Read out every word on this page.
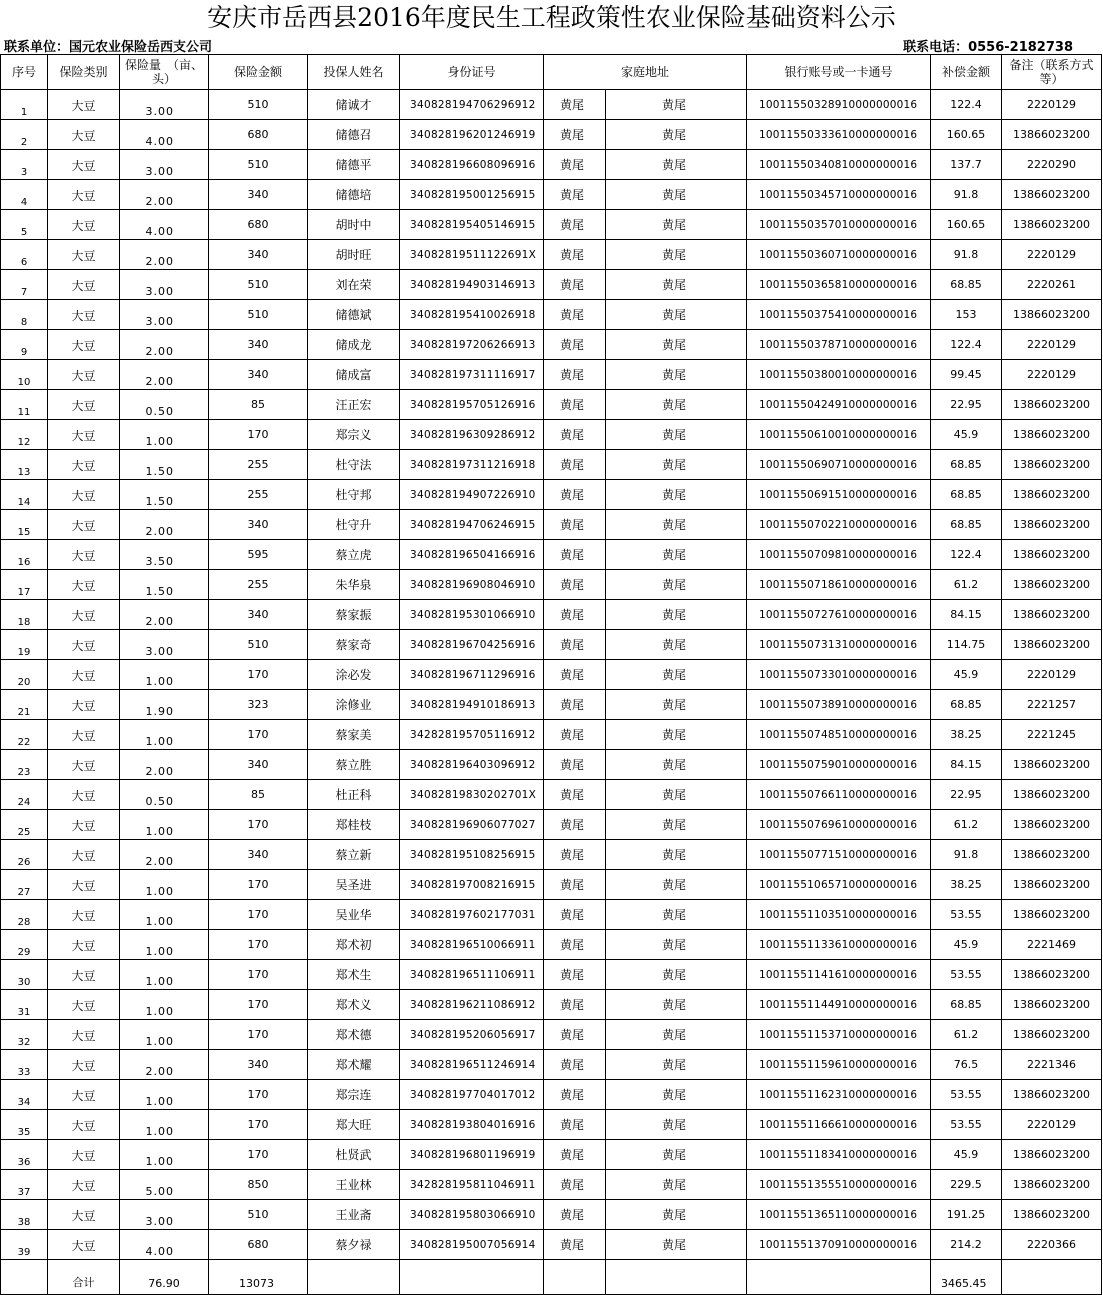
安庆市岳西县2016年度民生工程政策性农业保险基础资料公示
联系单位：国元农业保险岳西支公司	联系电话：0556-2182738
序号	保险类别	保险量　（亩、头）	保险金额	投保人姓名	身份证号	家庭地址		银行账号或一卡通号	补偿金额	备注（联系方式等）
1	大豆	3.00	510	储诚才	340828194706296912	黄尾	黄尾	10011550328910000000016	122.4	2220129
2	大豆	4.00	680	储德召	340828196201246919	黄尾	黄尾	10011550333610000000016	160.65	13866023200
3	大豆	3.00	510	储德平	340828196608096916	黄尾	黄尾	10011550340810000000016	137.7	2220290
4	大豆	2.00	340	储德培	340828195001256915	黄尾	黄尾	10011550345710000000016	91.8	13866023200
5	大豆	4.00	680	胡时中	340828195405146915	黄尾	黄尾	10011550357010000000016	160.65	13866023200
6	大豆	2.00	340	胡时旺	34082819511122691X	黄尾	黄尾	10011550360710000000016	91.8	2220129
7	大豆	3.00	510	刘在荣	340828194903146913	黄尾	黄尾	10011550365810000000016	68.85	2220261
8	大豆	3.00	510	储德斌	340828195410026918	黄尾	黄尾	10011550375410000000016	153	13866023200
9	大豆	2.00	340	储成龙	340828197206266913	黄尾	黄尾	10011550378710000000016	122.4	2220129
10	大豆	2.00	340	储成富	340828197311116917	黄尾	黄尾	10011550380010000000016	99.45	2220129
11	大豆	0.50	85	汪正宏	340828195705126916	黄尾	黄尾	10011550424910000000016	22.95	13866023200
12	大豆	1.00	170	郑宗义	340828196309286912	黄尾	黄尾	10011550610010000000016	45.9	13866023200
13	大豆	1.50	255	杜守法	340828197311216918	黄尾	黄尾	10011550690710000000016	68.85	13866023200
14	大豆	1.50	255	杜守邦	340828194907226910	黄尾	黄尾	10011550691510000000016	68.85	13866023200
15	大豆	2.00	340	杜守升	340828194706246915	黄尾	黄尾	10011550702210000000016	68.85	13866023200
16	大豆	3.50	595	蔡立虎	340828196504166916	黄尾	黄尾	10011550709810000000016	122.4	13866023200
17	大豆	1.50	255	朱华泉	340828196908046910	黄尾	黄尾	10011550718610000000016	61.2	13866023200
18	大豆	2.00	340	蔡家振	340828195301066910	黄尾	黄尾	10011550727610000000016	84.15	13866023200
19	大豆	3.00	510	蔡家奇	340828196704256916	黄尾	黄尾	10011550731310000000016	114.75	13866023200
20	大豆	1.00	170	涂必发	340828196711296916	黄尾	黄尾	10011550733010000000016	45.9	2220129
21	大豆	1.90	323	涂修业	340828194910186913	黄尾	黄尾	10011550738910000000016	68.85	2221257
22	大豆	1.00	170	蔡家美	342828195705116912	黄尾	黄尾	10011550748510000000016	38.25	2221245
23	大豆	2.00	340	蔡立胜	340828196403096912	黄尾	黄尾	10011550759010000000016	84.15	13866023200
24	大豆	0.50	85	杜正科	34082819830202701X	黄尾	黄尾	10011550766110000000016	22.95	13866023200
25	大豆	1.00	170	郑桂枝	340828196906077027	黄尾	黄尾	10011550769610000000016	61.2	13866023200
26	大豆	2.00	340	蔡立新	340828195108256915	黄尾	黄尾	10011550771510000000016	91.8	13866023200
27	大豆	1.00	170	吴圣进	340828197008216915	黄尾	黄尾	10011551065710000000016	38.25	13866023200
28	大豆	1.00	170	吴业华	340828197602177031	黄尾	黄尾	10011551103510000000016	53.55	13866023200
29	大豆	1.00	170	郑术初	340828196510066911	黄尾	黄尾	10011551133610000000016	45.9	2221469
30	大豆	1.00	170	郑术生	340828196511106911	黄尾	黄尾	10011551141610000000016	53.55	13866023200
31	大豆	1.00	170	郑术义	340828196211086912	黄尾	黄尾	10011551144910000000016	68.85	13866023200
32	大豆	1.00	170	郑术德	340828195206056917	黄尾	黄尾	10011551153710000000016	61.2	13866023200
33	大豆	2.00	340	郑术耀	340828196511246914	黄尾	黄尾	10011551159610000000016	76.5	2221346
34	大豆	1.00	170	郑宗连	340828197704017012	黄尾	黄尾	10011551162310000000016	53.55	13866023200
35	大豆	1.00	170	郑大旺	340828193804016916	黄尾	黄尾	10011551166610000000016	53.55	2220129
36	大豆	1.00	170	杜贤武	340828196801196919	黄尾	黄尾	10011551183410000000016	45.9	13866023200
37	大豆	5.00	850	王业林	342828195811046911	黄尾	黄尾	10011551355510000000016	229.5	13866023200
38	大豆	3.00	510	王业斋	340828195803066910	黄尾	黄尾	10011551365110000000016	191.25	13866023200
39	大豆	4.00	680	蔡夕禄	340828195007056914	黄尾	黄尾	10011551370910000000016	214.2	2220366
	合计	76.90	13073						3465.45	
